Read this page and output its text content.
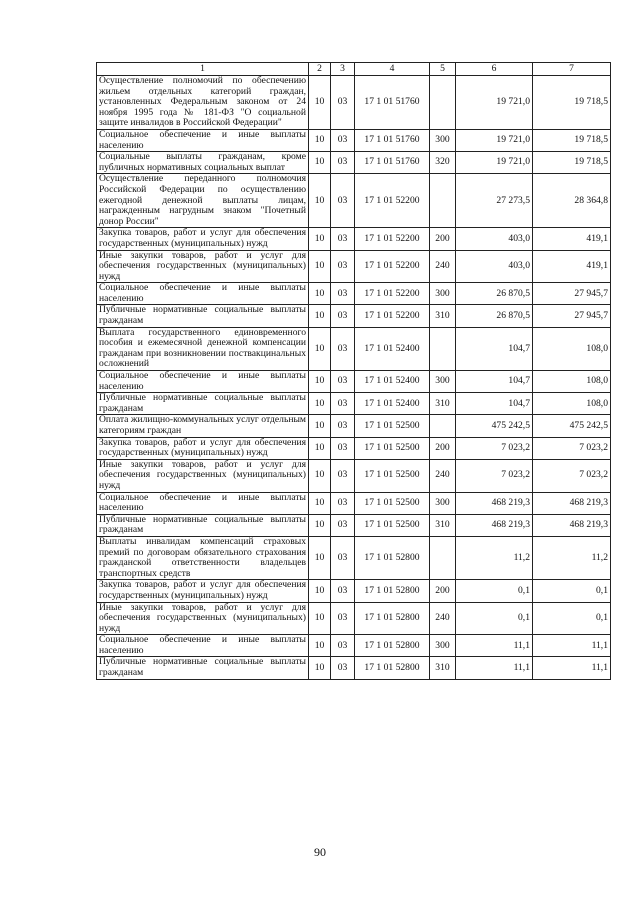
1	2	3	4	5	6	7
Осуществление полномочий по обеспечению жильем отдельных категорий граждан, установленных Федеральным законом от 24 ноября 1995 года № 181-ФЗ "О социальной защите инвалидов в Российской Федерации"	10	03	17 1 01 51760		19 721,0	19 718,5
Социальное обеспечение и иные выплаты населению	10	03	17 1 01 51760	300	19 721,0	19 718,5
Социальные выплаты гражданам, кроме публичных нормативных социальных выплат	10	03	17 1 01 51760	320	19 721,0	19 718,5
Осуществление переданного полномочия Российской Федерации по осуществлению ежегодной денежной выплаты лицам, награжденным нагрудным знаком "Почетный донор России"	10	03	17 1 01 52200		27 273,5	28 364,8
Закупка товаров, работ и услуг для обеспечения государственных (муниципальных) нужд	10	03	17 1 01 52200	200	403,0	419,1
Иные закупки товаров, работ и услуг для обеспечения государственных (муниципальных) нужд	10	03	17 1 01 52200	240	403,0	419,1
Социальное обеспечение и иные выплаты населению	10	03	17 1 01 52200	300	26 870,5	27 945,7
Публичные нормативные социальные выплаты гражданам	10	03	17 1 01 52200	310	26 870,5	27 945,7
Выплата государственного единовременного пособия и ежемесячной денежной компенсации гражданам при возникновении поствакцинальных осложнений	10	03	17 1 01 52400		104,7	108,0
Социальное обеспечение и иные выплаты населению	10	03	17 1 01 52400	300	104,7	108,0
Публичные нормативные социальные выплаты гражданам	10	03	17 1 01 52400	310	104,7	108,0
Оплата жилищно-коммунальных услуг отдельным категориям граждан	10	03	17 1 01 52500		475 242,5	475 242,5
Закупка товаров, работ и услуг для обеспечения государственных (муниципальных) нужд	10	03	17 1 01 52500	200	7 023,2	7 023,2
Иные закупки товаров, работ и услуг для обеспечения государственных (муниципальных) нужд	10	03	17 1 01 52500	240	7 023,2	7 023,2
Социальное обеспечение и иные выплаты населению	10	03	17 1 01 52500	300	468 219,3	468 219,3
Публичные нормативные социальные выплаты гражданам	10	03	17 1 01 52500	310	468 219,3	468 219,3
Выплаты инвалидам компенсаций страховых премий по договорам обязательного страхования гражданской ответственности владельцев транспортных средств	10	03	17 1 01 52800		11,2	11,2
Закупка товаров, работ и услуг для обеспечения государственных (муниципальных) нужд	10	03	17 1 01 52800	200	0,1	0,1
Иные закупки товаров, работ и услуг для обеспечения государственных (муниципальных) нужд	10	03	17 1 01 52800	240	0,1	0,1
Социальное обеспечение и иные выплаты населению	10	03	17 1 01 52800	300	11,1	11,1
Публичные нормативные социальные выплаты гражданам	10	03	17 1 01 52800	310	11,1	11,1
90
